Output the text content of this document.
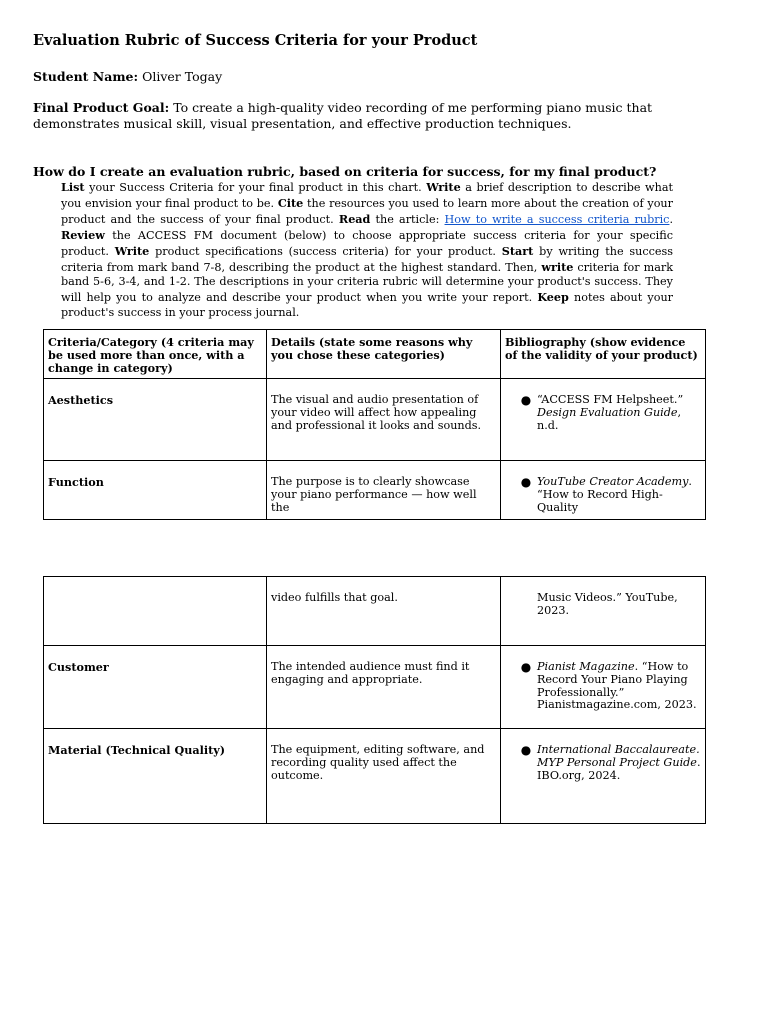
Evaluation Rubric of Success Criteria for your Product
Student Name: Oliver Togay
Final Product Goal: To create a high-quality video recording of me performing piano music that demonstrates musical skill, visual presentation, and effective production techniques.
How do I create an evaluation rubric, based on criteria for success, for my final product?
List your Success Criteria for your final product in this chart. Write a brief description to describe what you envision your final product to be. Cite the resources you used to learn more about the creation of your product and the success of your final product. Read the article: How to write a success criteria rubric. Review the ACCESS FM document (below) to choose appropriate success criteria for your specific product. Write product specifications (success criteria) for your product. Start by writing the success criteria from mark band 7-8, describing the product at the highest standard. Then, write criteria for mark band 5-6, 3-4, and 1-2. The descriptions in your criteria rubric will determine your product's success. They will help you to analyze and describe your product when you write your report. Keep notes about your product's success in your process journal.
Criteria/Category (4 criteria may be used more than once, with a change in category)	Details (state some reasons why you chose these categories)	Bibliography (show evidence of the validity of your product)
Aesthetics	The visual and audio presentation of your video will affect how appealing and professional it looks and sounds.	● “ACCESS FM Helpsheet.” Design Evaluation Guide, n.d.

Function	The purpose is to clearly showcase your piano performance — how well the	● YouTube Creator Academy. “How to Record High-Quality
	video fulfills that goal.	Music Videos.” YouTube, 2023.

Customer	The intended audience must find it engaging and appropriate.	● Pianist Magazine. “How to Record Your Piano Playing Professionally.” Pianistmagazine.com, 2023.

Material (Technical Quality)	The equipment, editing software, and recording quality used affect the outcome.	● International Baccalaureate. MYP Personal Project Guide. IBO.org, 2024.
